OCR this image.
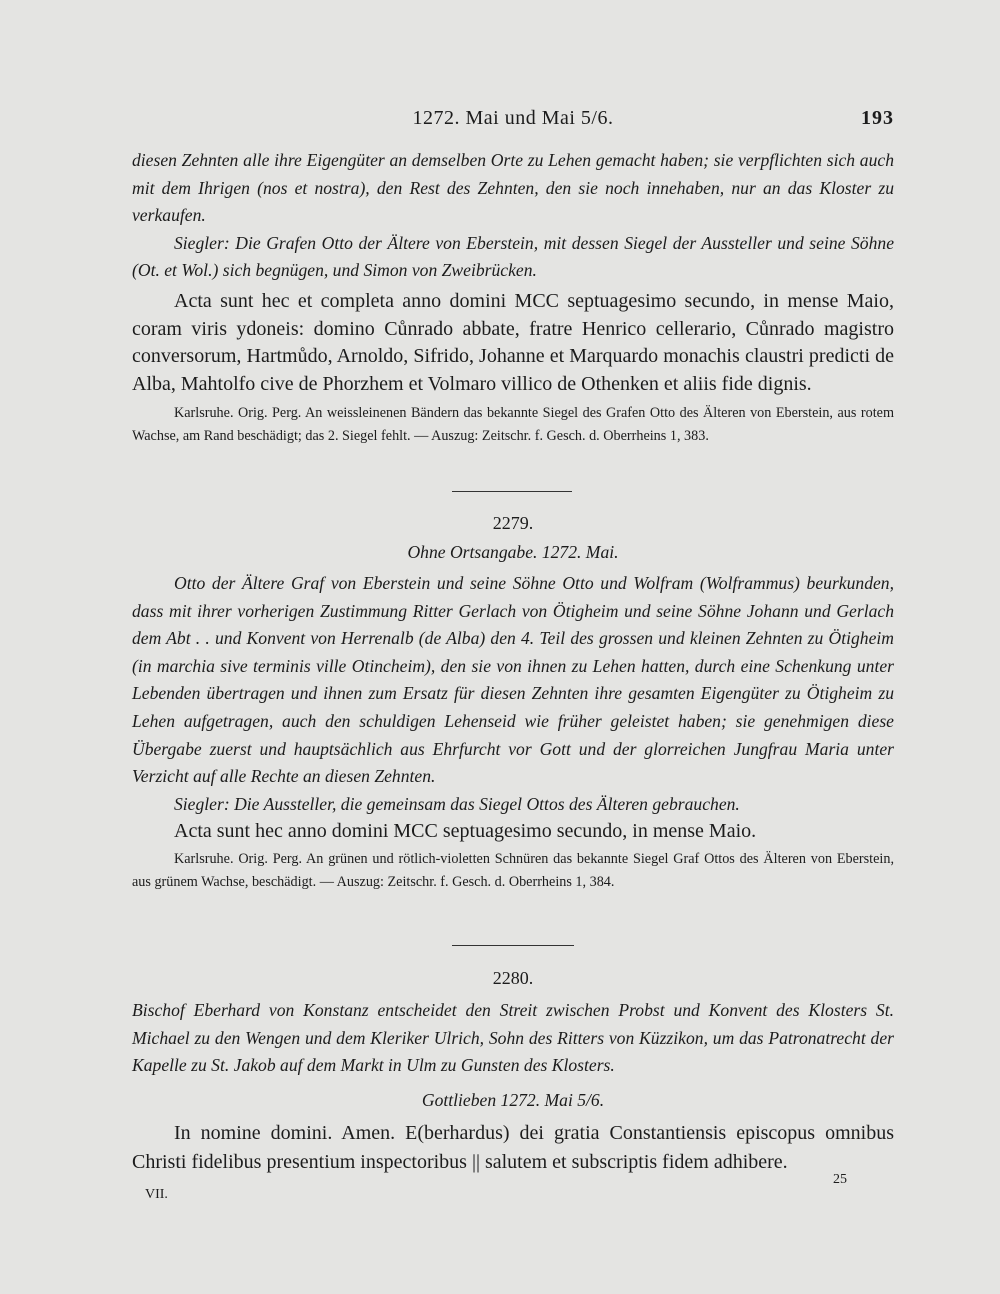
1272. Mai und Mai 5/6.	193

diesen Zehnten alle ihre Eigengüter an demselben Orte zu Lehen gemacht haben; sie verpflichten sich auch mit dem Ihrigen (nos et nostra), den Rest des Zehnten, den sie noch innehaben, nur an das Kloster zu verkaufen.

Siegler: Die Grafen Otto der Ältere von Eberstein, mit dessen Siegel der Aussteller und seine Söhne (Ot. et Wol.) sich begnügen, und Simon von Zweibrücken.

Acta sunt hec et completa anno domini MCC septuagesimo secundo, in mense Maio, coram viris ydoneis: domino Cůnrado abbate, fratre Henrico cellerario, Cůnrado magistro conversorum, Hartmůdo, Arnoldo, Sifrido, Johanne et Marquardo monachis claustri predicti de Alba, Mahtolfo cive de Phorzhem et Volmaro villico de Othenken et aliis fide dignis.

Karlsruhe. Orig. Perg. An weissleinenen Bändern das bekannte Siegel des Grafen Otto des Älteren von Eberstein, aus rotem Wachse, am Rand beschädigt; das 2. Siegel fehlt. — Auszug: Zeitschr. f. Gesch. d. Oberrheins 1, 383.

2279.

Ohne Ortsangabe. 1272. Mai.

Otto der Ältere Graf von Eberstein und seine Söhne Otto und Wolfram (Wolframmus) beurkunden, dass mit ihrer vorherigen Zustimmung Ritter Gerlach von Ötigheim und seine Söhne Johann und Gerlach dem Abt . . und Konvent von Herrenalb (de Alba) den 4. Teil des grossen und kleinen Zehnten zu Ötigheim (in marchia sive terminis ville Otincheim), den sie von ihnen zu Lehen hatten, durch eine Schenkung unter Lebenden übertragen und ihnen zum Ersatz für diesen Zehnten ihre gesamten Eigengüter zu Ötigheim zu Lehen aufgetragen, auch den schuldigen Lehenseid wie früher geleistet haben; sie genehmigen diese Übergabe zuerst und hauptsächlich aus Ehrfurcht vor Gott und der glorreichen Jungfrau Maria unter Verzicht auf alle Rechte an diesen Zehnten.

Siegler: Die Aussteller, die gemeinsam das Siegel Ottos des Älteren gebrauchen.

Acta sunt hec anno domini MCC septuagesimo secundo, in mense Maio.

Karlsruhe. Orig. Perg. An grünen und rötlich-violetten Schnüren das bekannte Siegel Graf Ottos des Älteren von Eberstein, aus grünem Wachse, beschädigt. — Auszug: Zeitschr. f. Gesch. d. Oberrheins 1, 384.

2280.

Bischof Eberhard von Konstanz entscheidet den Streit zwischen Probst und Konvent des Klosters St. Michael zu den Wengen und dem Kleriker Ulrich, Sohn des Ritters von Küzzikon, um das Patronatrecht der Kapelle zu St. Jakob auf dem Markt in Ulm zu Gunsten des Klosters.

Gottlieben 1272. Mai 5/6.

In nomine domini. Amen. E(berhardus) dei gratia Constantiensis episcopus omnibus Christi fidelibus presentium inspectoribus || salutem et subscriptis fidem adhibere.

VII.
25
